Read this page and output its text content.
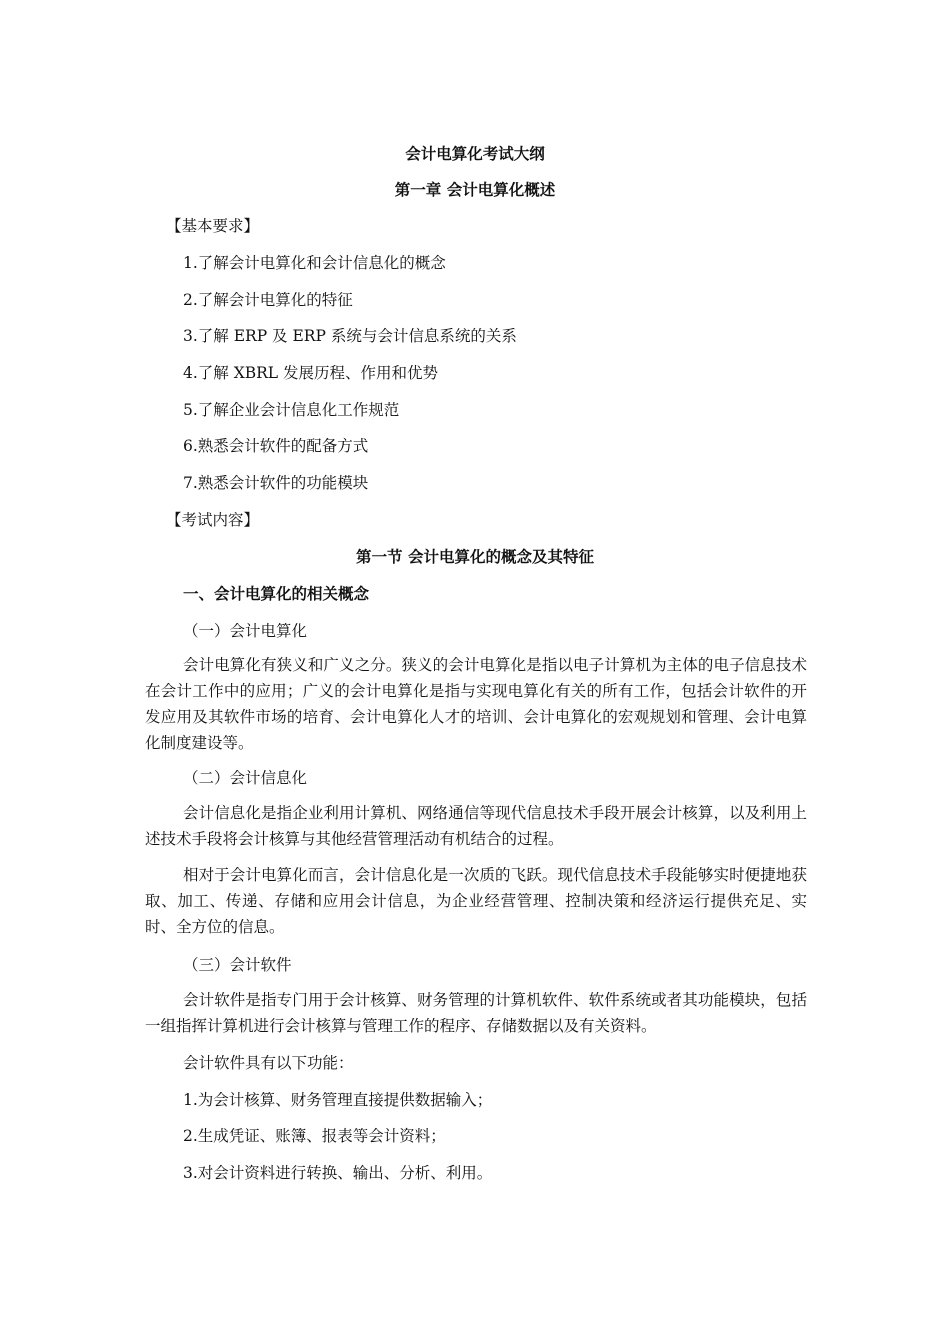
会计电算化考试大纲
第一章 会计电算化概述
【基本要求】
1.了解会计电算化和会计信息化的概念
2.了解会计电算化的特征
3.了解 ERP 及 ERP 系统与会计信息系统的关系
4.了解 XBRL 发展历程、作用和优势
5.了解企业会计信息化工作规范
6.熟悉会计软件的配备方式
7.熟悉会计软件的功能模块
【考试内容】
第一节 会计电算化的概念及其特征
一、会计电算化的相关概念
（一）会计电算化
会计电算化有狭义和广义之分。狭义的会计电算化是指以电子计算机为主体的电子信息技术在会计工作中的应用；广义的会计电算化是指与实现电算化有关的所有工作，包括会计软件的开发应用及其软件市场的培育、会计电算化人才的培训、会计电算化的宏观规划和管理、会计电算化制度建设等。
（二）会计信息化
会计信息化是指企业利用计算机、网络通信等现代信息技术手段开展会计核算，以及利用上述技术手段将会计核算与其他经营管理活动有机结合的过程。
相对于会计电算化而言，会计信息化是一次质的飞跃。现代信息技术手段能够实时便捷地获取、加工、传递、存储和应用会计信息，为企业经营管理、控制决策和经济运行提供充足、实时、全方位的信息。
（三）会计软件
会计软件是指专门用于会计核算、财务管理的计算机软件、软件系统或者其功能模块，包括一组指挥计算机进行会计核算与管理工作的程序、存储数据以及有关资料。
会计软件具有以下功能：
1.为会计核算、财务管理直接提供数据输入；
2.生成凭证、账簿、报表等会计资料；
3.对会计资料进行转换、输出、分析、利用。
